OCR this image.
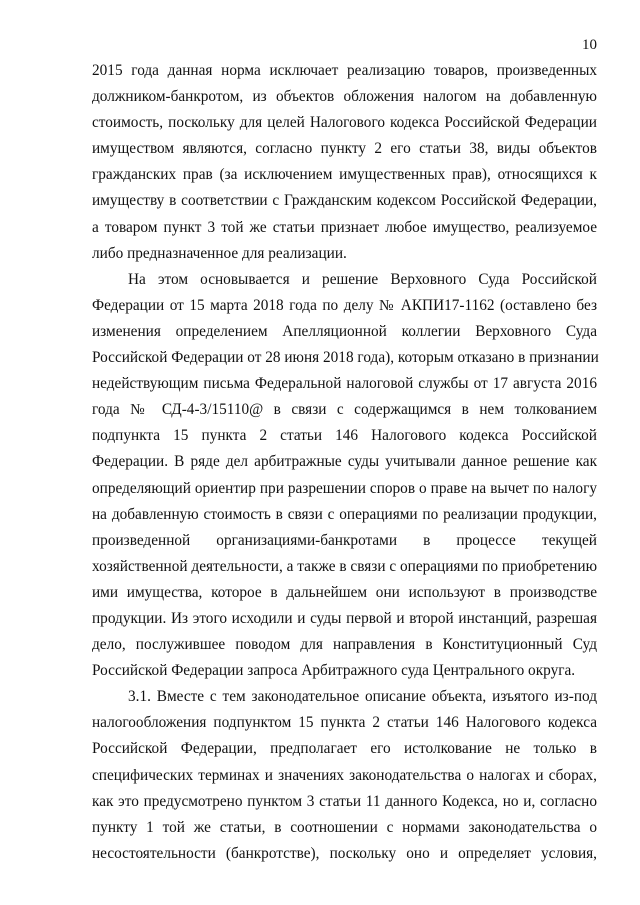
10
2015 года данная норма исключает реализацию товаров, произведенных
должником-банкротом, из объектов обложения налогом на добавленную
стоимость, поскольку для целей Налогового кодекса Российской Федерации
имуществом являются, согласно пункту 2 его статьи 38, виды объектов
гражданских прав (за исключением имущественных прав), относящихся к
имуществу в соответствии с Гражданским кодексом Российской Федерации,
а товаром пункт 3 той же статьи признает любое имущество, реализуемое
либо предназначенное для реализации.
На этом основывается и решение Верховного Суда Российской
Федерации от 15 марта 2018 года по делу № АКПИ17-1162 (оставлено без
изменения определением Апелляционной коллегии Верховного Суда
Российской Федерации от 28 июня 2018 года), которым отказано в признании
недействующим письма Федеральной налоговой службы от 17 августа 2016
года № СД-4-3/15110@ в связи с содержащимся в нем толкованием
подпункта 15 пункта 2 статьи 146 Налогового кодекса Российской
Федерации. В ряде дел арбитражные суды учитывали данное решение как
определяющий ориентир при разрешении споров о праве на вычет по налогу
на добавленную стоимость в связи с операциями по реализации продукции,
произведенной организациями-банкротами в процессе текущей
хозяйственной деятельности, а также в связи с операциями по приобретению
ими имущества, которое в дальнейшем они используют в производстве
продукции. Из этого исходили и суды первой и второй инстанций, разрешая
дело, послужившее поводом для направления в Конституционный Суд
Российской Федерации запроса Арбитражного суда Центрального округа.
3.1. Вместе с тем законодательное описание объекта, изъятого из-под
налогообложения подпунктом 15 пункта 2 статьи 146 Налогового кодекса
Российской Федерации, предполагает его истолкование не только в
специфических терминах и значениях законодательства о налогах и сборах,
как это предусмотрено пунктом 3 статьи 11 данного Кодекса, но и, согласно
пункту 1 той же статьи, в соотношении с нормами законодательства о
несостоятельности (банкротстве), поскольку оно и определяет условия,
